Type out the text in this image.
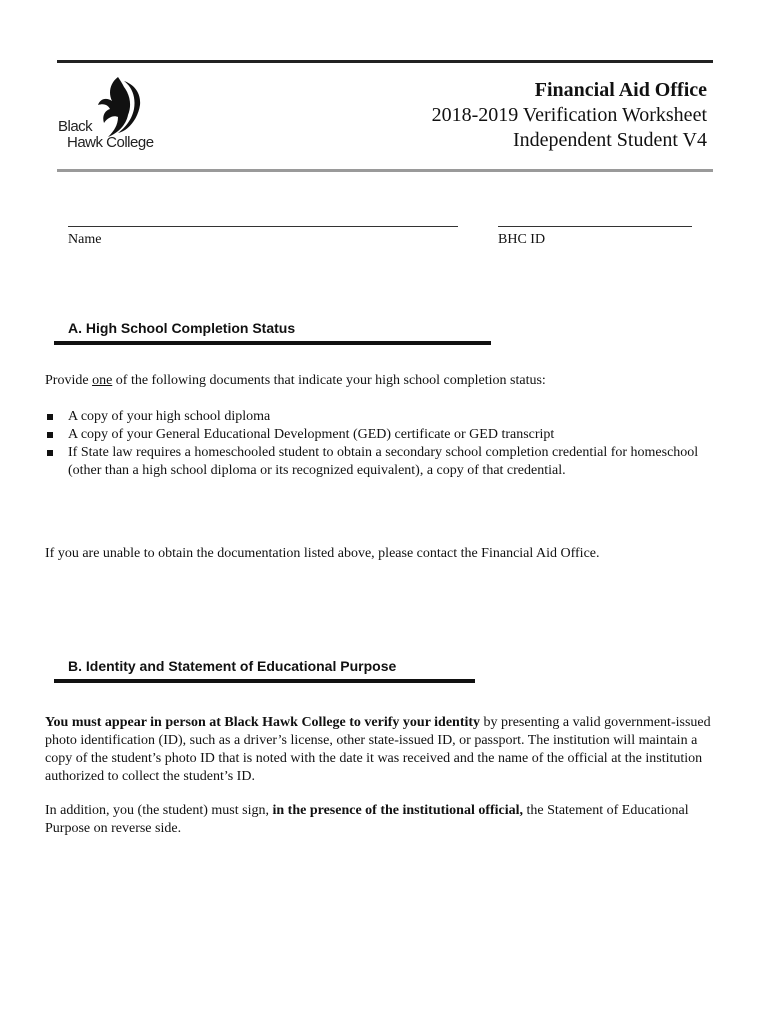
Black
Hawk College
Financial Aid Office
2018-2019 Verification Worksheet
Independent Student V4
Name	BHC ID
A. High School Completion Status
Provide one of the following documents that indicate your high school completion status:
A copy of your high school diploma
A copy of your General Educational Development (GED) certificate or GED transcript
If State law requires a homeschooled student to obtain a secondary school completion credential for homeschool (other than a high school diploma or its recognized equivalent), a copy of that credential.
If you are unable to obtain the documentation listed above, please contact the Financial Aid Office.
B. Identity and Statement of Educational Purpose
You must appear in person at Black Hawk College to verify your identity by presenting a valid government-issued photo identification (ID), such as a driver’s license, other state-issued ID, or passport. The institution will maintain a copy of the student’s photo ID that is noted with the date it was received and the name of the official at the institution authorized to collect the student’s ID.
In addition, you (the student) must sign, in the presence of the institutional official, the Statement of Educational Purpose on reverse side.
